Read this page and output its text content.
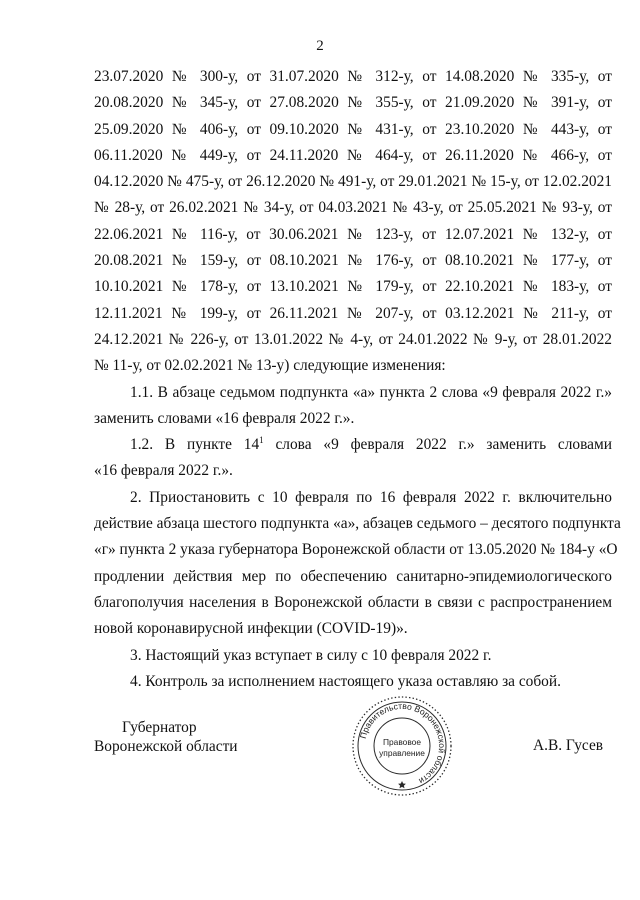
2
23.07.2020 № 300-у, от 31.07.2020 № 312-у, от 14.08.2020 № 335-у, от
20.08.2020 № 345-у, от 27.08.2020 № 355-у, от 21.09.2020 № 391-у, от
25.09.2020 № 406-у, от 09.10.2020 № 431-у, от 23.10.2020 № 443-у, от
06.11.2020 № 449-у, от 24.11.2020 № 464-у, от 26.11.2020 № 466-у, от
04.12.2020 № 475-у, от 26.12.2020 № 491-у, от 29.01.2021 № 15-у, от 12.02.2021
№ 28-у, от 26.02.2021 № 34-у, от 04.03.2021 № 43-у, от 25.05.2021 № 93-у, от
22.06.2021 № 116-у, от 30.06.2021 № 123-у, от 12.07.2021 № 132-у, от
20.08.2021 № 159-у, от 08.10.2021 № 176-у, от 08.10.2021 № 177-у, от
10.10.2021 № 178-у, от 13.10.2021 № 179-у, от 22.10.2021 № 183-у, от
12.11.2021 № 199-у, от 26.11.2021 № 207-у, от 03.12.2021 № 211-у, от
24.12.2021 № 226-у, от 13.01.2022 № 4-у, от 24.01.2022 № 9-у, от 28.01.2022
№ 11-у, от 02.02.2021 № 13-у) следующие изменения:
1.1. В абзаце седьмом подпункта «а» пункта 2 слова «9 февраля 2022 г.»
заменить словами «16 февраля 2022 г.».
1.2. В пункте $14^1$ слова «9 февраля 2022 г.» заменить словами
«16 февраля 2022 г.».
2. Приостановить с 10 февраля по 16 февраля 2022 г. включительно
действие абзаца шестого подпункта «а», абзацев седьмого – десятого подпункта
«г» пункта 2 указа губернатора Воронежской области от 13.05.2020 № 184-у «О
продлении действия мер по обеспечению санитарно-эпидемиологического
благополучия населения в Воронежской области в связи с распространением
новой коронавирусной инфекции (COVID-19)».
3. Настоящий указ вступает в силу с 10 февраля 2022 г.
4. Контроль за исполнением настоящего указа оставляю за собой.
Губернатор
Воронежской области
Правительство Воронежской области
Правовое
управление	А.В. Гусев
